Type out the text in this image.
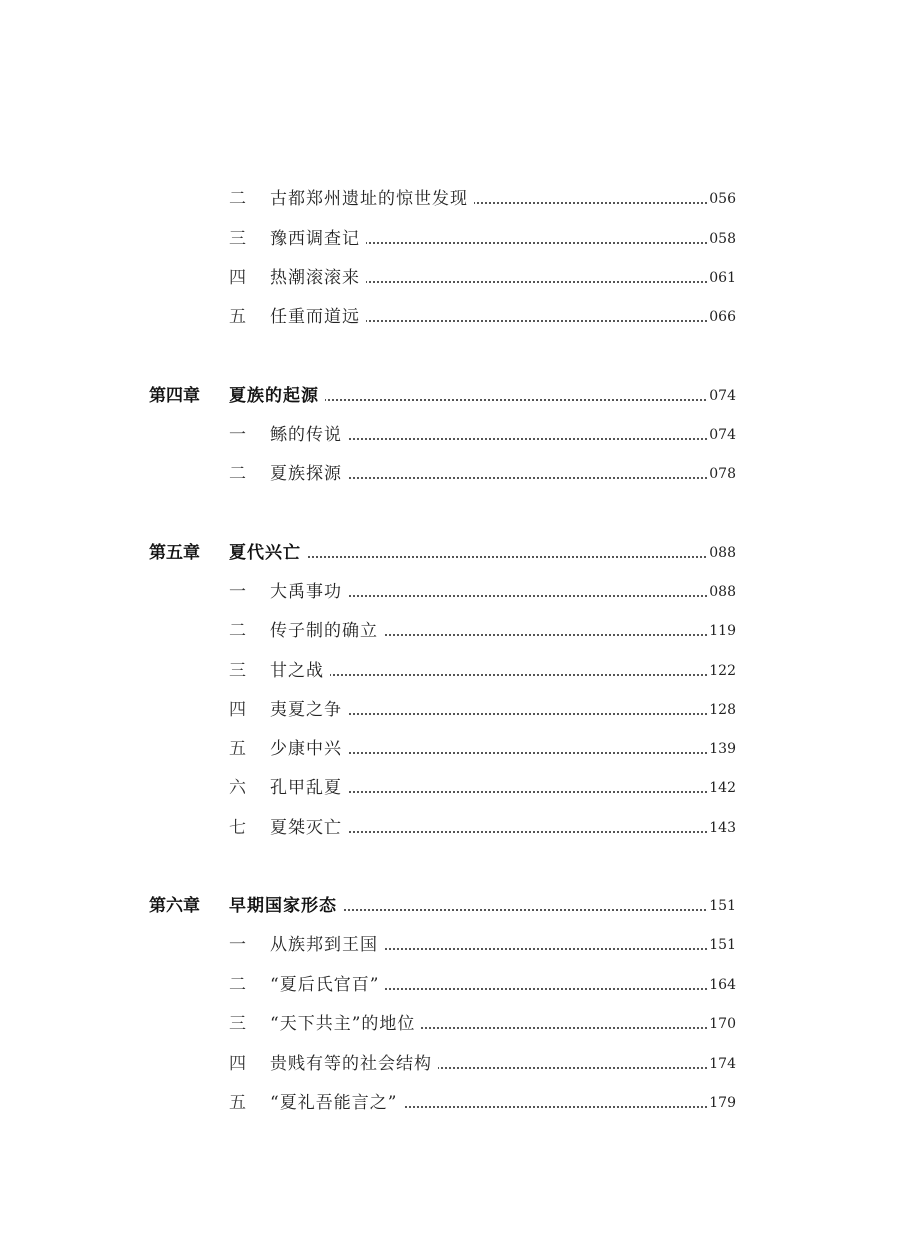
二 古都郑州遗址的惊世发现	056
三 豫西调查记	058
四 热潮滚滚来	061
五 任重而道远	066
第四章 夏族的起源	074
一 鲧的传说	074
二 夏族探源	078
第五章 夏代兴亡	088
一 大禹事功	088
二 传子制的确立	119
三 甘之战	122
四 夷夏之争	128
五 少康中兴	139
六 孔甲乱夏	142
七 夏桀灭亡	143
第六章 早期国家形态	151
一 从族邦到王国	151
二 “夏后氏官百”	164
三 “天下共主”的地位	170
四 贵贱有等的社会结构	174
五 “夏礼吾能言之”	179
